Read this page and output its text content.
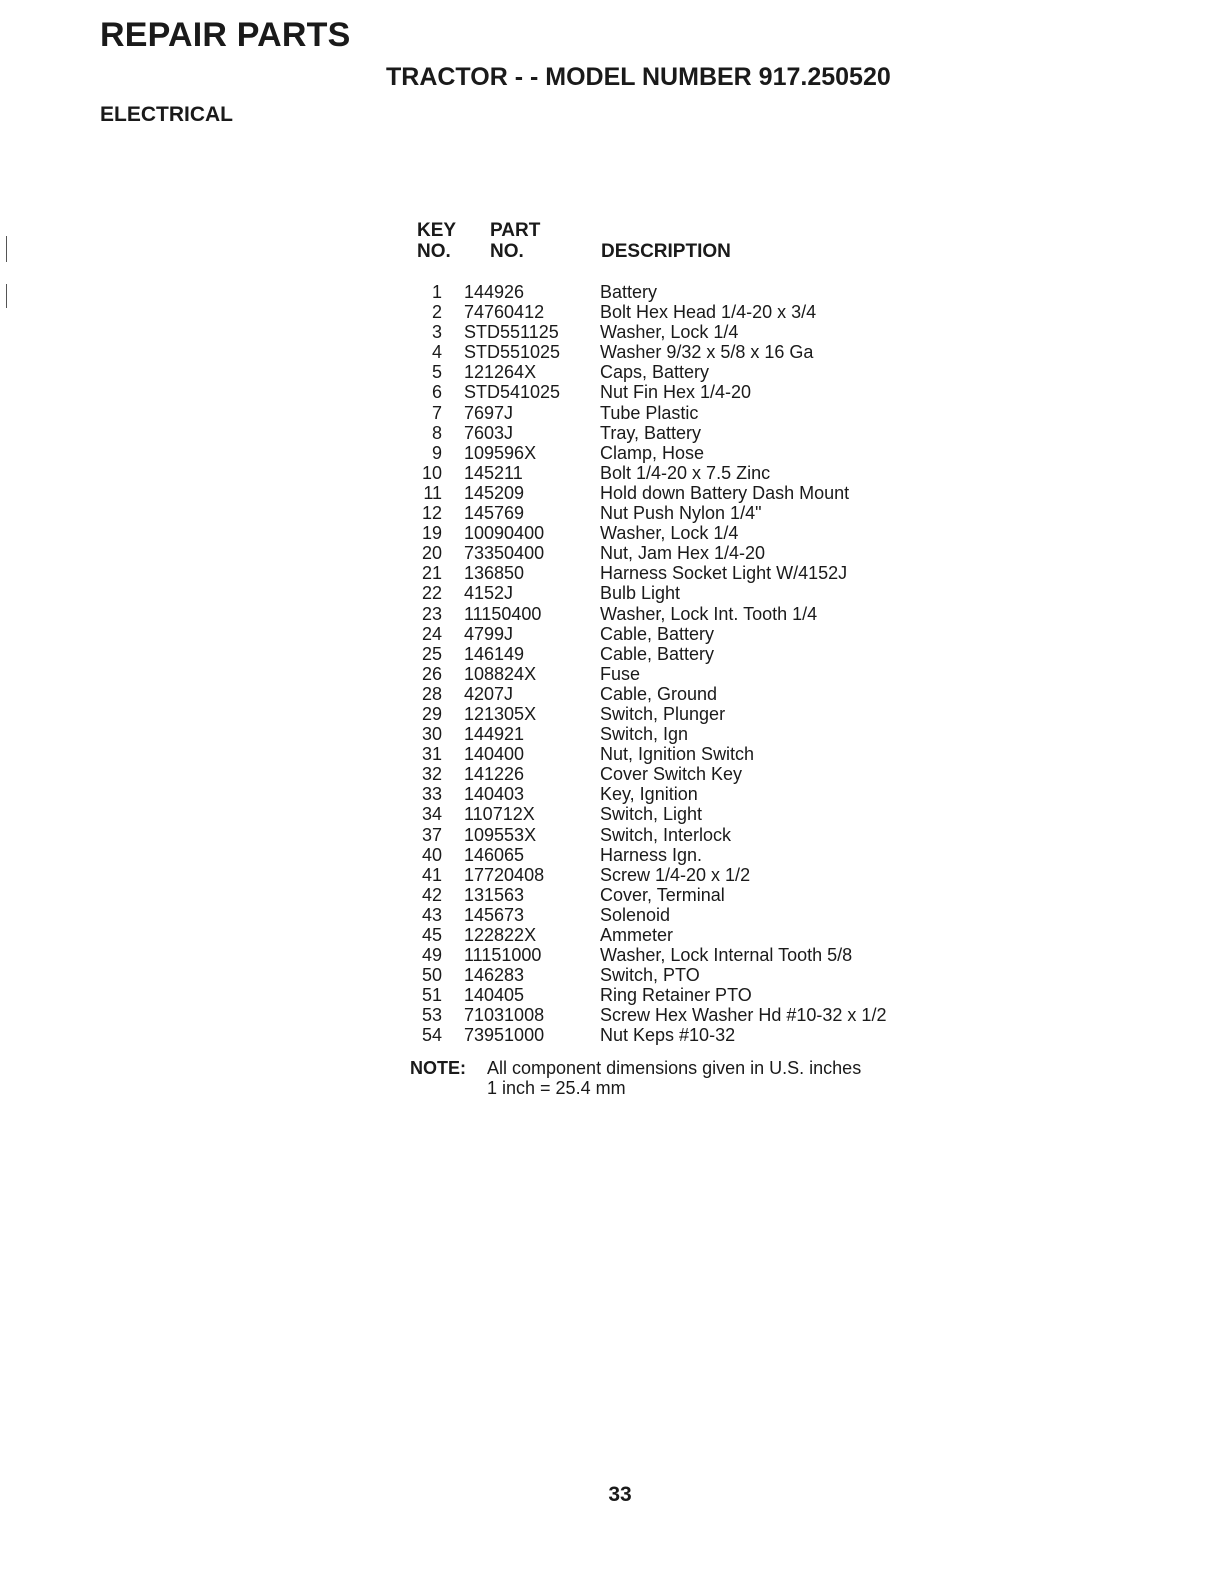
REPAIR PARTS
TRACTOR - - MODEL NUMBER 917.250520
ELECTRICAL
KEY
NO.
PART
NO.	DESCRIPTION
1 144926	Battery
2 74760412	Bolt Hex Head 1/4-20 x 3/4
3 STD551125 Washer, Lock 1/4
4 STD551025 Washer 9/32 x 5/8 x 16 Ga
5 121264X	Caps, Battery
6 STD541025 Nut Fin Hex 1/4-20
7 7697J	Tube Plastic
8 7603J	Tray, Battery
9 109596X	Clamp, Hose
10 145211	Bolt 1/4-20 x 7.5 Zinc
11 145209	Hold down Battery Dash Mount
12 145769	Nut Push Nylon 1/4"
19 10090400	Washer, Lock 1/4
20 73350400	Nut, Jam Hex 1/4-20
21 136850	Harness Socket Light W/4152J
22 4152J	Bulb Light
23 11150400	Washer, Lock Int. Tooth 1/4
24 4799J	Cable, Battery
25 146149	Cable, Battery
26 108824X	Fuse
28 4207J	Cable, Ground
29 121305X	Switch, Plunger
30 144921	Switch, Ign
31 140400	Nut, Ignition Switch
32 141226	Cover Switch Key
33 140403	Key, Ignition
34 110712X	Switch, Light
37 109553X	Switch, Interlock
40 146065	Harness Ign.
41 17720408	Screw 1/4-20 x 1/2
42 131563	Cover, Terminal
43 145673	Solenoid
45 122822X	Ammeter
49 11151000	Washer, Lock Internal Tooth 5/8
50 146283	Switch, PTO
51 140405	Ring Retainer PTO
53 71031008	Screw Hex Washer Hd #10-32 x 1/2
54 73951000	Nut Keps #10-32
NOTE: All component dimensions given in U.S. inches
1 inch = 25.4 mm
33
